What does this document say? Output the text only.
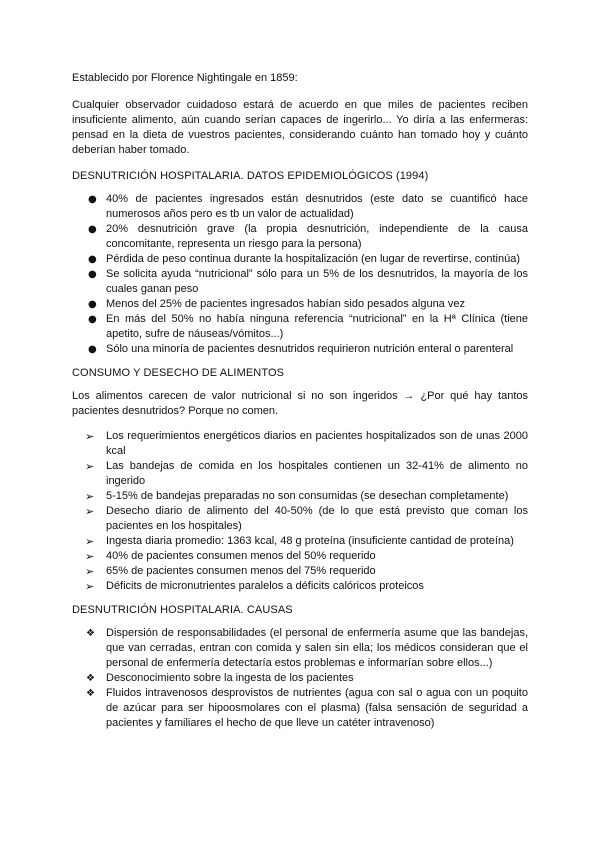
Establecido por Florence Nightingale en 1859:

Cualquier observador cuidadoso estará de acuerdo en que miles de pacientes reciben insuficiente alimento, aún cuando serían capaces de ingerirlo... Yo diría a las enfermeras: pensad en la dieta de vuestros pacientes, considerando cuánto han tomado hoy y cuánto deberían haber tomado.

DESNUTRICIÓN HOSPITALARIA. DATOS EPIDEMIOLÓGICOS (1994)

● 40% de pacientes ingresados están desnutridos (este dato se cuantificó hace numerosos años pero es tb un valor de actualidad)
● 20% desnutrición grave (la propia desnutrición, independiente de la causa concomitante, representa un riesgo para la persona)
● Pérdida de peso continua durante la hospitalización (en lugar de revertirse, continúa)
● Se solicita ayuda “nutricional” sólo para un 5% de los desnutridos, la mayoría de los cuales ganan peso
● Menos del 25% de pacientes ingresados habían sido pesados alguna vez
● En más del 50% no había ninguna referencia “nutricional” en la Hª Clínica (tiene apetito, sufre de náuseas/vómitos...)
● Sólo una minoría de pacientes desnutridos requirieron nutrición enteral o parenteral

CONSUMO Y DESECHO DE ALIMENTOS

Los alimentos carecen de valor nutricional si no son ingeridos → ¿Por qué hay tantos pacientes desnutridos? Porque no comen.

➢	Los requerimientos energéticos diarios en pacientes hospitalizados son de unas 2000 kcal
➢	Las bandejas de comida en los hospitales contienen un 32-41% de alimento no ingerido
➢	5-15% de bandejas preparadas no son consumidas (se desechan completamente)
➢	Desecho diario de alimento del 40-50% (de lo que está previsto que coman los pacientes en los hospitales)
➢	Ingesta diaria promedio: 1363 kcal, 48 g proteína (insuficiente cantidad de proteína)
➢	40% de pacientes consumen menos del 50% requerido
➢	65% de pacientes consumen menos del 75% requerido
➢	Déficits de micronutrientes paralelos a déficits calóricos proteicos

DESNUTRICIÓN HOSPITALARIA. CAUSAS

❖	Dispersión de responsabilidades (el personal de enfermería asume que las bandejas, que van cerradas, entran con comida y salen sin ella; los médicos consideran que el personal de enfermería detectaría estos problemas e informarían sobre ellos...)
❖	Desconocimiento sobre la ingesta de los pacientes
❖	Fluidos intravenosos desprovistos de nutrientes (agua con sal o agua con un poquito de azúcar para ser hipoosmolares con el plasma) (falsa sensación de seguridad a pacientes y familiares el hecho de que lleve un catéter intravenoso)
